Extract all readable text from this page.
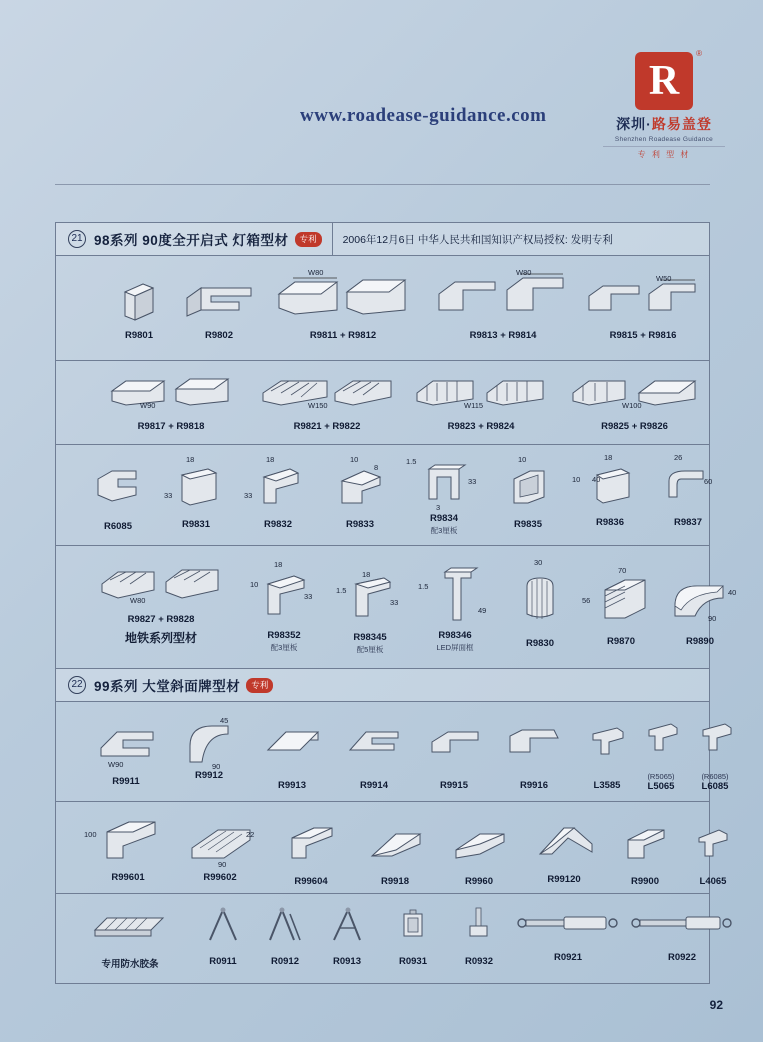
www.roadease-guidance.com
R
®
深圳·路易盖登
Shenzhen Roadease Guidance
专 利 型 材
21 98系列 90度全开启式 灯箱型材	专利	2006年12月6日 中华人民共和国知识产权局授权: 发明专利
R9801	R9802
W80
R9811 + R9812
W80
R9813 + R9814
W50
R9815 + R9816
W90
R9817 + R9818
W150
R9821 + R9822
W115
R9823 + R9824
W100
R9825 + R9826
R6085
18
33
R9831
18
33
R9832
10
8
R9833
1.5
33
3
R9834
配3厘板
10
R9835
18
10 40
R9836
26
60
R9837
W80
R9827 + R9828
地铁系列型材
18
10
33
R98352
配3厘板
18
1.5
33
R98345
配5厘板
1.5
49
R98346
LED屏面框
30
R9830
70
56
R9870
40
90
R9890
22 99系列 大堂斜面牌型材	专利
W90
R9911
45
90
R9912
R9913	R9914	R9915	R9916	L3585
(R5065)
L5065
(R6085)
L6085
100
R99601
22
90
R99602	R99604	R9918	R9960	R99120	R9900	L4065
专用防水胶条	R0911	R0912	R0913	R0931	R0932	R0921	R0922
92
